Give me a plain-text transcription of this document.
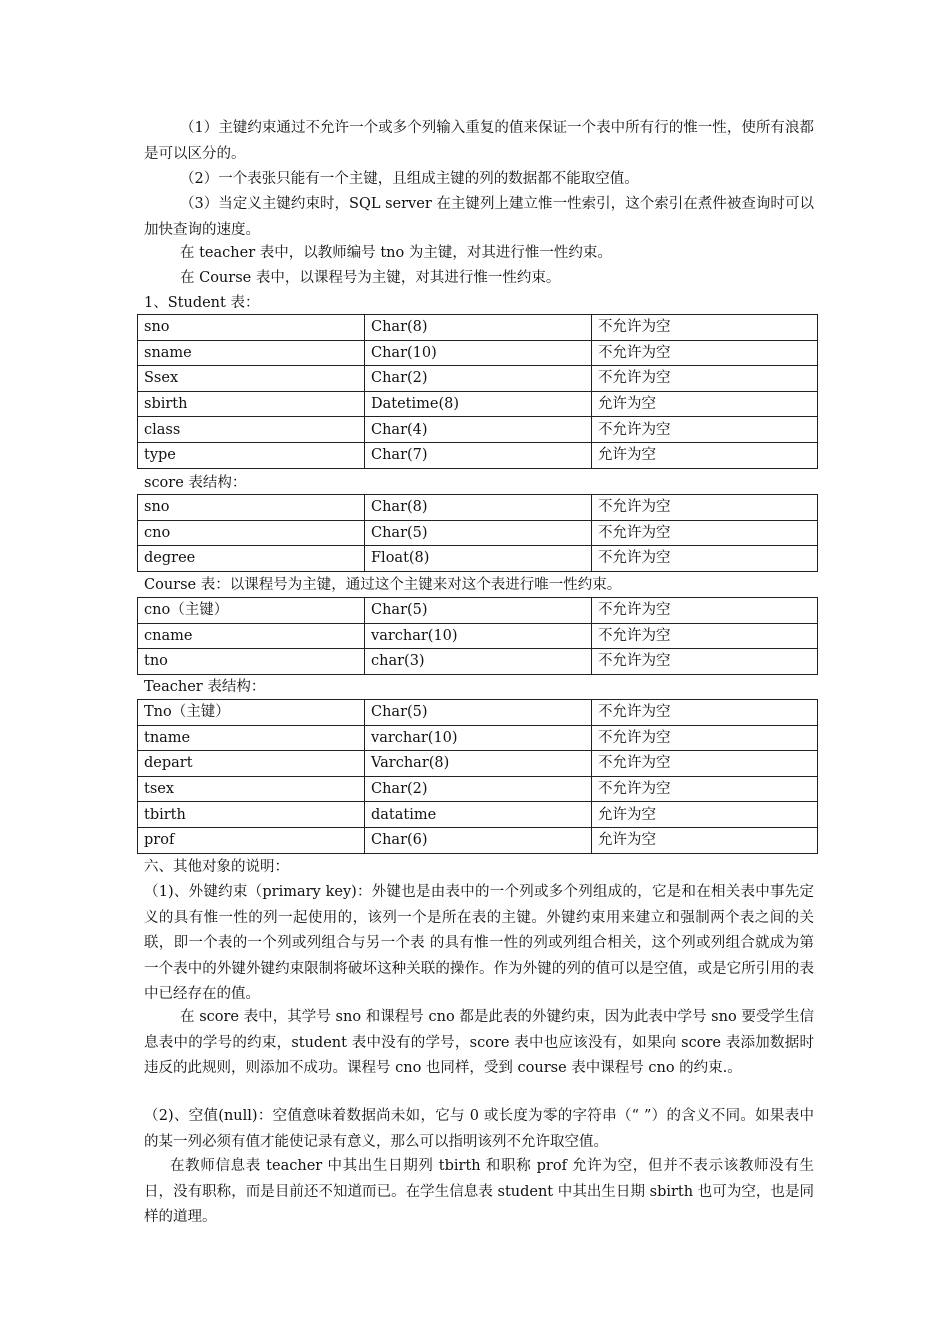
（1）主键约束通过不允许一个或多个列输入重复的值来保证一个表中所有行的惟一性，使所有浪都是可以区分的。
（2）一个表张只能有一个主键，且组成主键的列的数据都不能取空值。
（3）当定义主键约束时，SQL server 在主键列上建立惟一性索引，这个索引在煮件被查询时可以加快查询的速度。
在 teacher 表中，以教师编号 tno 为主键，对其进行惟一性约束。
在 Course 表中，以课程号为主键，对其进行惟一性约束。
1、Student 表：
sno	Char(8)	不允许为空
sname	Char(10)	不允许为空
Ssex	Char(2)	不允许为空
sbirth	Datetime(8)	允许为空
class	Char(4)	不允许为空
type	Char(7)	允许为空
score 表结构：
sno	Char(8)	不允许为空
cno	Char(5)	不允许为空
degree	Float(8)	不允许为空
Course 表：以课程号为主键，通过这个主键来对这个表进行唯一性约束。
cno（主键）	Char(5)	不允许为空
cname	varchar(10)	不允许为空
tno	char(3)	不允许为空
Teacher 表结构：
Tno（主键）	Char(5)	不允许为空
tname	varchar(10)	不允许为空
depart	Varchar(8)	不允许为空
tsex	Char(2)	不允许为空
tbirth	datatime	允许为空
prof	Char(6)	允许为空
六、其他对象的说明：
（1)、外键约束（primary key)：外键也是由表中的一个列或多个列组成的，它是和在相关表中事先定义的具有惟一性的列一起使用的，该列一个是所在表的主键。外键约束用来建立和强制两个表之间的关联，即一个表的一个列或列组合与另一个表 的具有惟一性的列或列组合相关，这个列或列组合就成为第一个表中的外键外键约束限制将破坏这种关联的操作。作为外键的列的值可以是空值，或是它所引用的表中已经存在的值。
在 score 表中，其学号 sno 和课程号 cno 都是此表的外键约束，因为此表中学号 sno 要受学生信息表中的学号的约束，student 表中没有的学号，score 表中也应该没有，如果向 score 表添加数据时违反的此规则，则添加不成功。课程号 cno 也同样，受到 course 表中课程号 cno 的约束.。
（2)、空值(null)：空值意味着数据尚未如，它与 0 或长度为零的字符串（“ ”）的含义不同。如果表中的某一列必须有值才能使记录有意义，那么可以指明该列不允许取空值。
在教师信息表 teacher 中其出生日期列 tbirth 和职称 prof 允许为空，但并不表示该教师没有生日，没有职称，而是目前还不知道而已。在学生信息表 student 中其出生日期 sbirth 也可为空，也是同样的道理。
